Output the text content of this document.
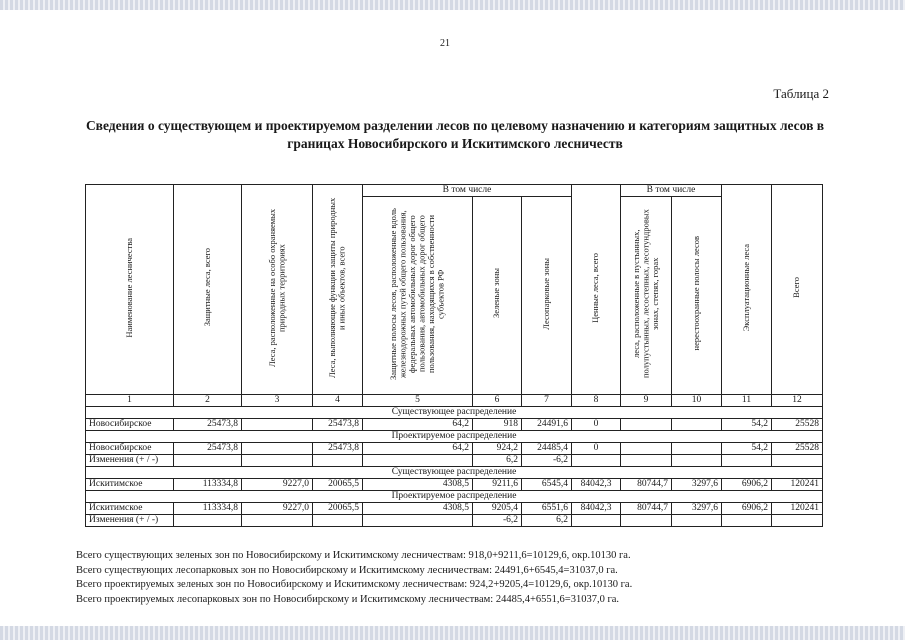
21
Таблица 2
Сведения о существующем и проектируемом разделении лесов по целевому назначению и категориям защитных лесов в
границах Новосибирского и Искитимского лесничеств
Наименование лесничества	Защитные леса, всего	Леса, расположенные на особо охраняемых природных территориях	Леса, выполняющие функции защиты природных и иных объектов, всего	В том числе			Ценные леса, всего	В том числе		Эксплуатационные леса	Всего
				Защитные полосы лесов, расположенные вдоль железнодорожных путей общего пользования, федеральных автомобильных дорог общего пользования, автомобильных дорог общего пользования, находящихся в собственности субъектов РФ	Зеленые зоны	Лесопарковые зоны		леса, расположенные в пустынных, полупустынных, лесостепных, лесотундровых зонах, степях, горах	нерестоохранные полосы лесов		
1	2	3	4	5	6	7	8	9	10	11	12
Существующее распределение											
Новосибирское	25473,8		25473,8	64,2	918	24491,6	0			54,2	25528
Проектируемое распределение											
Новосибирское	25473,8		25473,8	64,2	924,2	24485,4	0			54,2	25528
Изменения (+ / -)					6,2	-6,2					
Существующее распределение											
Искитимское	113334,8	9227,0	20065,5	4308,5	9211,6	6545,4	84042,3	80744,7	3297,6	6906,2	120241
Проектируемое распределение											
Искитимское	113334,8	9227,0	20065,5	4308,5	9205,4	6551,6	84042,3	80744,7	3297,6	6906,2	120241
Изменения (+ / -)					-6,2	6,2					
Всего существующих зеленых зон по Новосибирскому и Искитимскому лесничествам: 918,0+9211,6=10129,6, окр.10130 га.
Всего существующих лесопарковых зон по Новосибирскому и Искитимскому лесничествам: 24491,6+6545,4=31037,0 га.
Всего проектируемых зеленых зон по Новосибирскому и Искитимскому лесничествам: 924,2+9205,4=10129,6, окр.10130 га.
Всего проектируемых лесопарковых зон по Новосибирскому и Искитимскому лесничествам: 24485,4+6551,6=31037,0 га.
